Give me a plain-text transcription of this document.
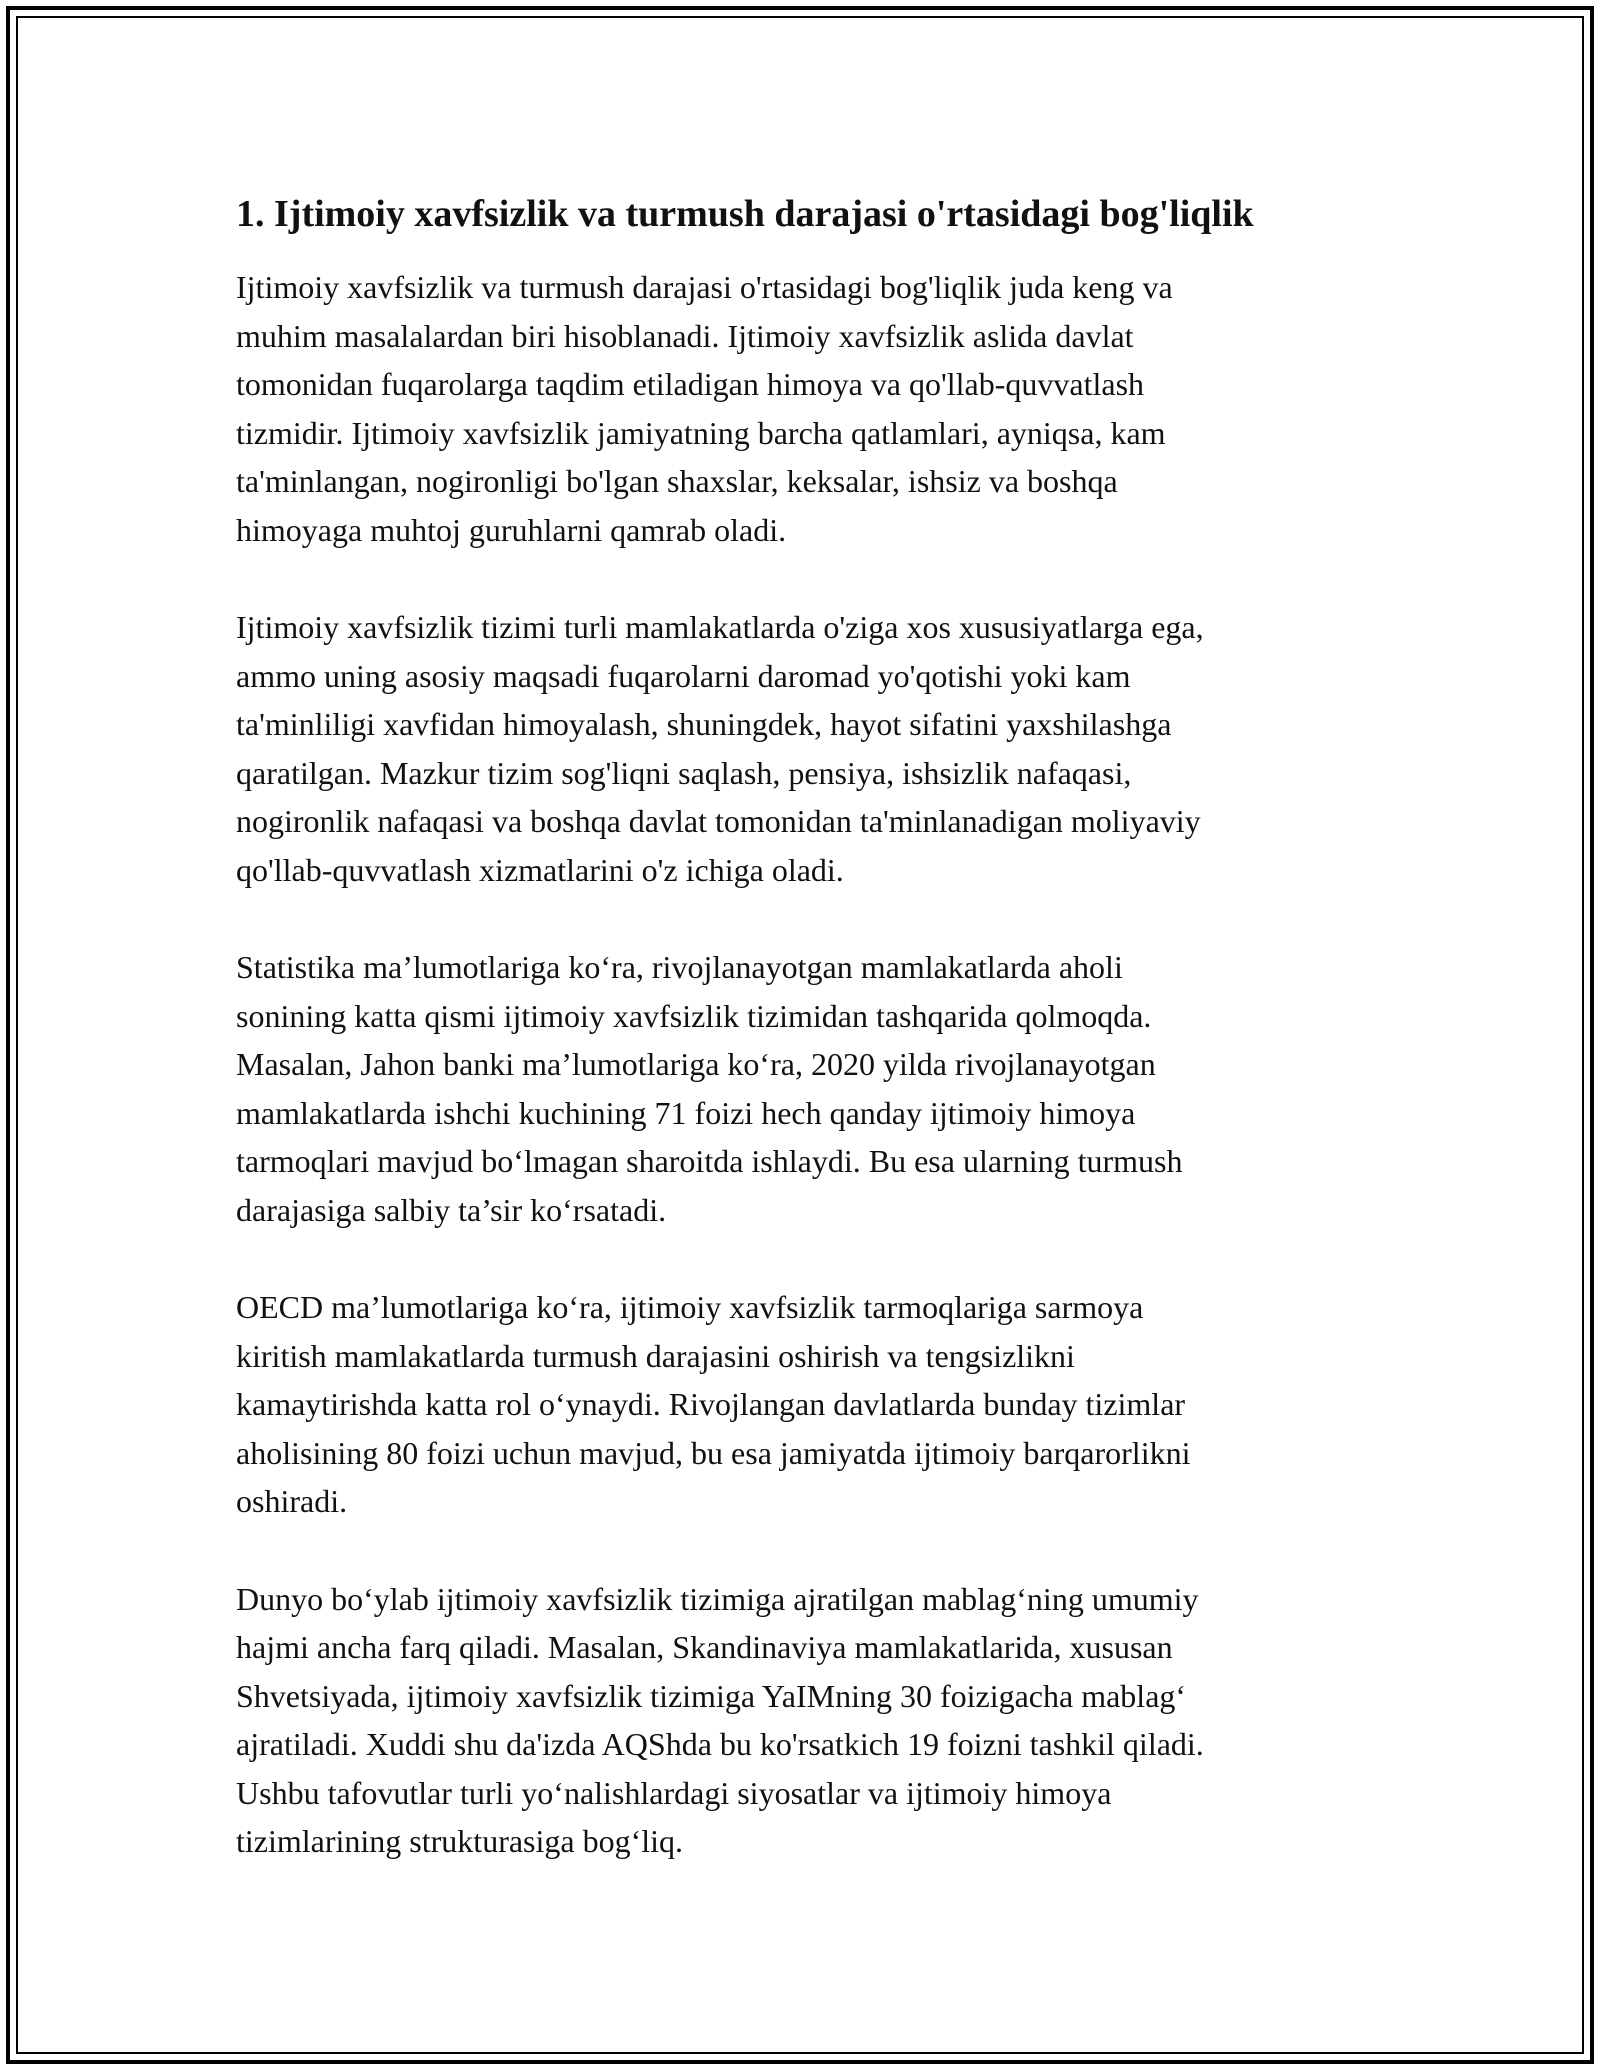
1. Ijtimoiy xavfsizlik va turmush darajasi o'rtasidagi bog'liqlik

Ijtimoiy xavfsizlik va turmush darajasi o'rtasidagi bog'liqlik juda keng va
muhim masalalardan biri hisoblanadi. Ijtimoiy xavfsizlik aslida davlat
tomonidan fuqarolarga taqdim etiladigan himoya va qo'llab-quvvatlash
tizmidir. Ijtimoiy xavfsizlik jamiyatning barcha qatlamlari, ayniqsa, kam
ta'minlangan, nogironligi bo'lgan shaxslar, keksalar, ishsiz va boshqa
himoyaga muhtoj guruhlarni qamrab oladi.

Ijtimoiy xavfsizlik tizimi turli mamlakatlarda o'ziga xos xususiyatlarga ega,
ammo uning asosiy maqsadi fuqarolarni daromad yo'qotishi yoki kam
ta'minliligi xavfidan himoyalash, shuningdek, hayot sifatini yaxshilashga
qaratilgan. Mazkur tizim sog'liqni saqlash, pensiya, ishsizlik nafaqasi,
nogironlik nafaqasi va boshqa davlat tomonidan ta'minlanadigan moliyaviy
qo'llab-quvvatlash xizmatlarini o'z ichiga oladi.

Statistika ma’lumotlariga ko‘ra, rivojlanayotgan mamlakatlarda aholi
sonining katta qismi ijtimoiy xavfsizlik tizimidan tashqarida qolmoqda.
Masalan, Jahon banki ma’lumotlariga ko‘ra, 2020 yilda rivojlanayotgan
mamlakatlarda ishchi kuchining 71 foizi hech qanday ijtimoiy himoya
tarmoqlari mavjud bo‘lmagan sharoitda ishlaydi. Bu esa ularning turmush
darajasiga salbiy ta’sir ko‘rsatadi.

OECD ma’lumotlariga ko‘ra, ijtimoiy xavfsizlik tarmoqlariga sarmoya
kiritish mamlakatlarda turmush darajasini oshirish va tengsizlikni
kamaytirishda katta rol o‘ynaydi. Rivojlangan davlatlarda bunday tizimlar
aholisining 80 foizi uchun mavjud, bu esa jamiyatda ijtimoiy barqarorlikni
oshiradi.

Dunyo bo‘ylab ijtimoiy xavfsizlik tizimiga ajratilgan mablag‘ning umumiy
hajmi ancha farq qiladi. Masalan, Skandinaviya mamlakatlarida, xususan
Shvetsiyada, ijtimoiy xavfsizlik tizimiga YaIMning 30 foizigacha mablag‘
ajratiladi. Xuddi shu da'izda AQShda bu ko'rsatkich 19 foizni tashkil qiladi.
Ushbu tafovutlar turli yo‘nalishlardagi siyosatlar va ijtimoiy himoya
tizimlarining strukturasiga bog‘liq.
